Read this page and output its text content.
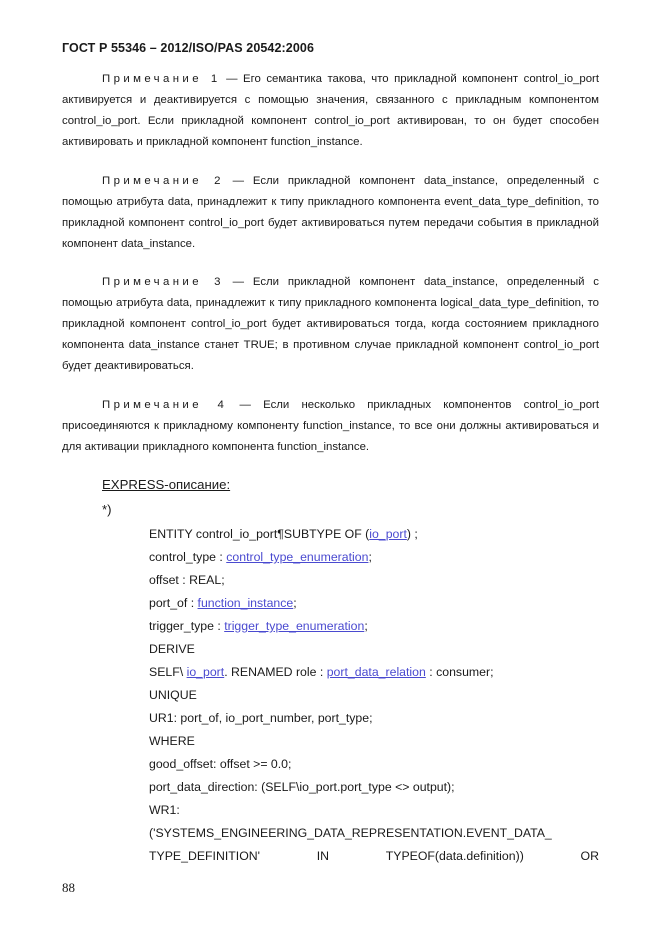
ГОСТ Р 55346 – 2012/ISO/PAS 20542:2006
Примечание 1 — Его семантика такова, что прикладной компонент control_io_port активируется и деактивируется с помощью значения, связанного с прикладным компонентом control_io_port. Если прикладной компонент control_io_port активирован, то он будет способен активировать и прикладной компонент function_instance.
Примечание 2 — Если прикладной компонент data_instance, определенный с помощью атрибута data, принадлежит к типу прикладного компонента event_data_type_definition, то прикладной компонент control_io_port будет активироваться путем передачи события в прикладной компонент data_instance.
Примечание 3 — Если прикладной компонент data_instance, определенный с помощью атрибута data, принадлежит к типу прикладного компонента logical_data_type_definition, то прикладной компонент control_io_port будет активироваться тогда, когда состоянием прикладного компонента data_instance станет TRUE; в противном случае прикладной компонент control_io_port будет деактивироваться.
Примечание 4 — Если несколько прикладных компонентов control_io_port присоединяются к прикладному компоненту function_instance, то все они должны активироваться и для активации прикладного компонента function_instance.
EXPRESS-описание:
*)
ENTITY control_io_port¶SUBTYPE OF (io_port) ;
control_type : control_type_enumeration;
offset : REAL;
port_of : function_instance;
trigger_type : trigger_type_enumeration;
DERIVE
SELF\ io_port. RENAMED role : port_data_relation : consumer;
UNIQUE
UR1: port_of, io_port_number, port_type;
WHERE
good_offset: offset >= 0.0;
port_data_direction: (SELF\io_port.port_type <> output);
WR1:
('SYSTEMS_ENGINEERING_DATA_REPRESENTATION.EVENT_DATA_
TYPE_DEFINITION'	IN	TYPEOF(data.definition))	OR
88
